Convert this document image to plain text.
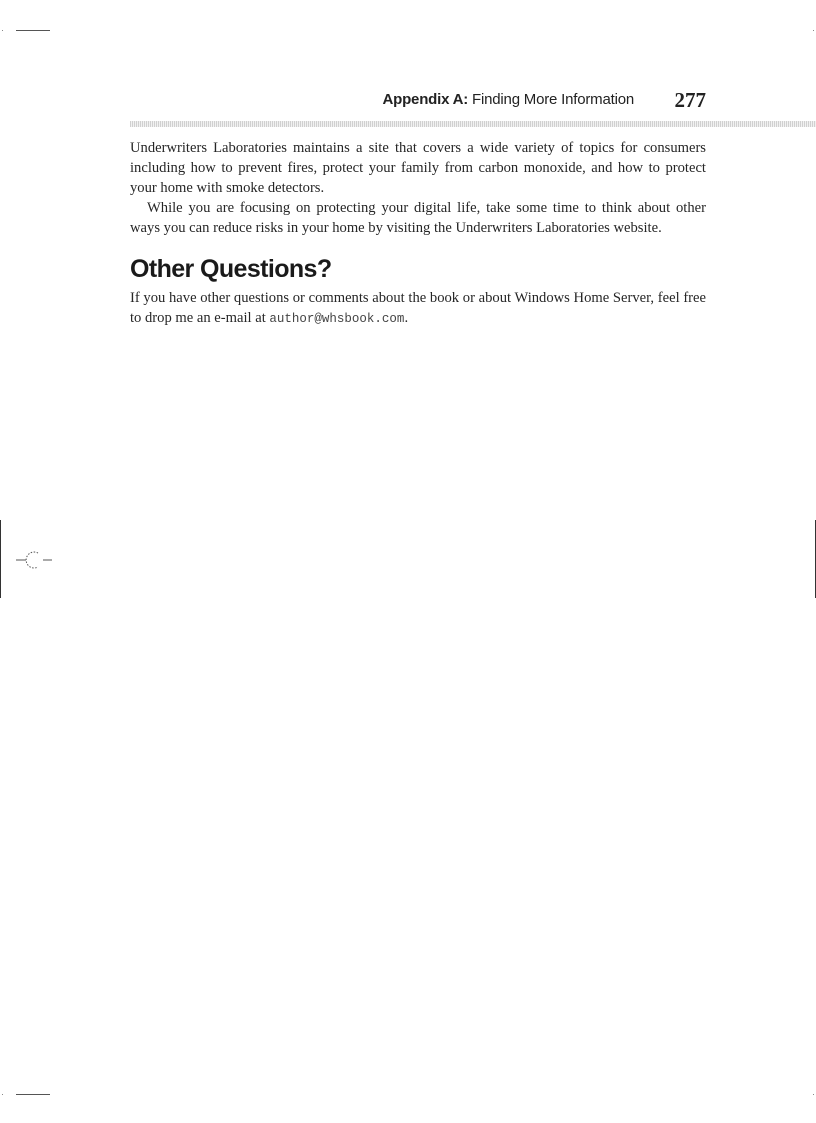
Appendix A: Finding More Information 277

Underwriters Laboratories maintains a site that covers a wide variety of topics for consumers including how to prevent fires, protect your family from carbon monoxide, and how to protect your home with smoke detectors.

While you are focusing on protecting your digital life, take some time to think about other ways you can reduce risks in your home by visiting the Underwriters Laboratories website.

Other Questions?

If you have other questions or comments about the book or about Windows Home Server, feel free to drop me an e-mail at author@whsbook.com.
